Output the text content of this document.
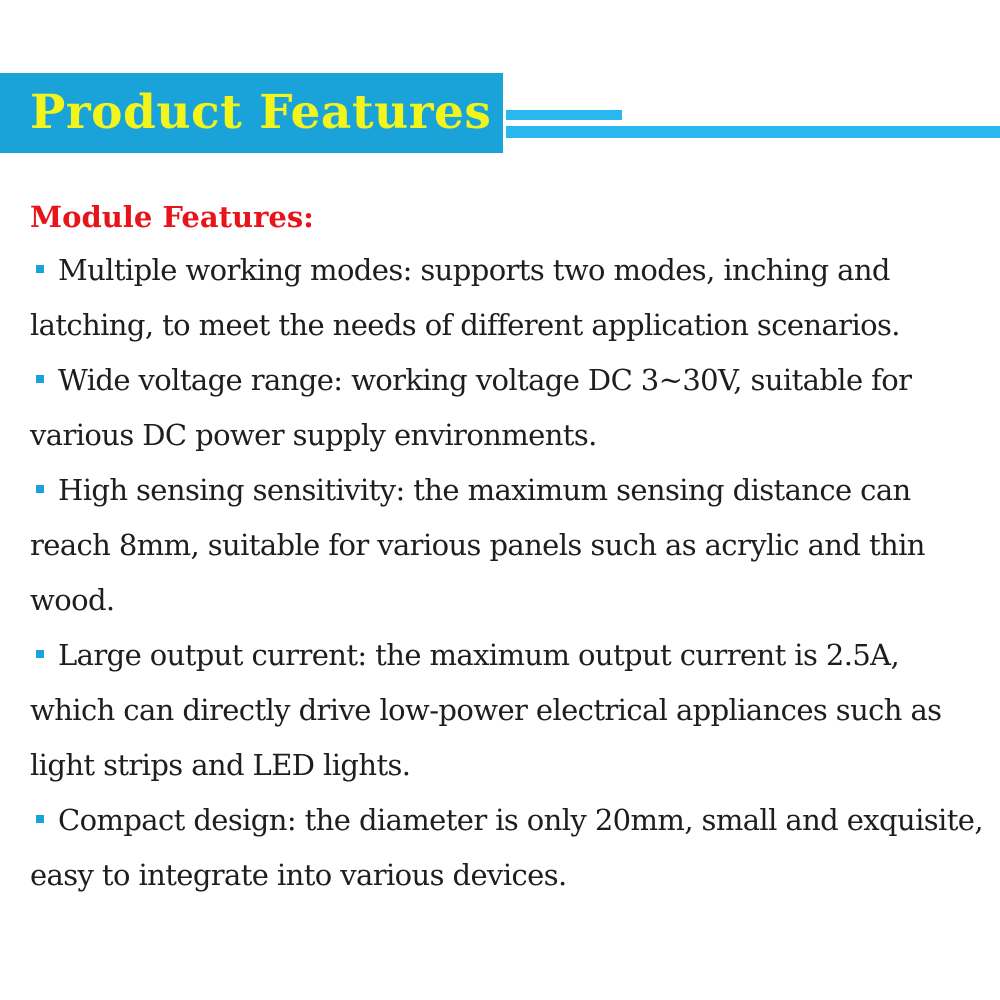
Product Features
Module Features:
Multiple working modes: supports two modes, inching and latching, to meet the needs of different application scenarios.
Wide voltage range: working voltage DC 3~30V, suitable for various DC power supply environments.
High sensing sensitivity: the maximum sensing distance can reach 8mm, suitable for various panels such as acrylic and thin wood.
Large output current: the maximum output current is 2.5A, which can directly drive low-power electrical appliances such as light strips and LED lights.
Compact design: the diameter is only 20mm, small and exquisite, easy to integrate into various devices.
